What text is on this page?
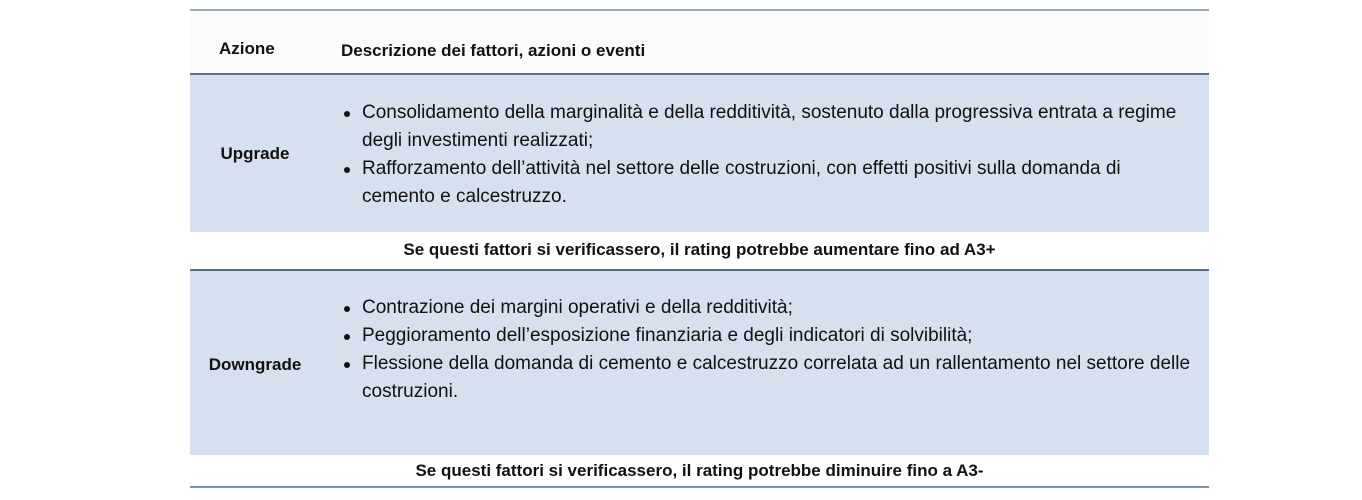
Azione	Descrizione dei fattori, azioni o eventi
Upgrade
Consolidamento della marginalità e della redditività, sostenuto dalla progressiva entrata a regime degli investimenti realizzati;
Rafforzamento dell’attività nel settore delle costruzioni, con effetti positivi sulla domanda di cemento e calcestruzzo.
Se questi fattori si verificassero, il rating potrebbe aumentare fino ad A3+
Downgrade
Contrazione dei margini operativi e della redditività;
Peggioramento dell’esposizione finanziaria e degli indicatori di solvibilità;
Flessione della domanda di cemento e calcestruzzo correlata ad un rallentamento nel settore delle costruzioni.
Se questi fattori si verificassero, il rating potrebbe diminuire fino a A3-
